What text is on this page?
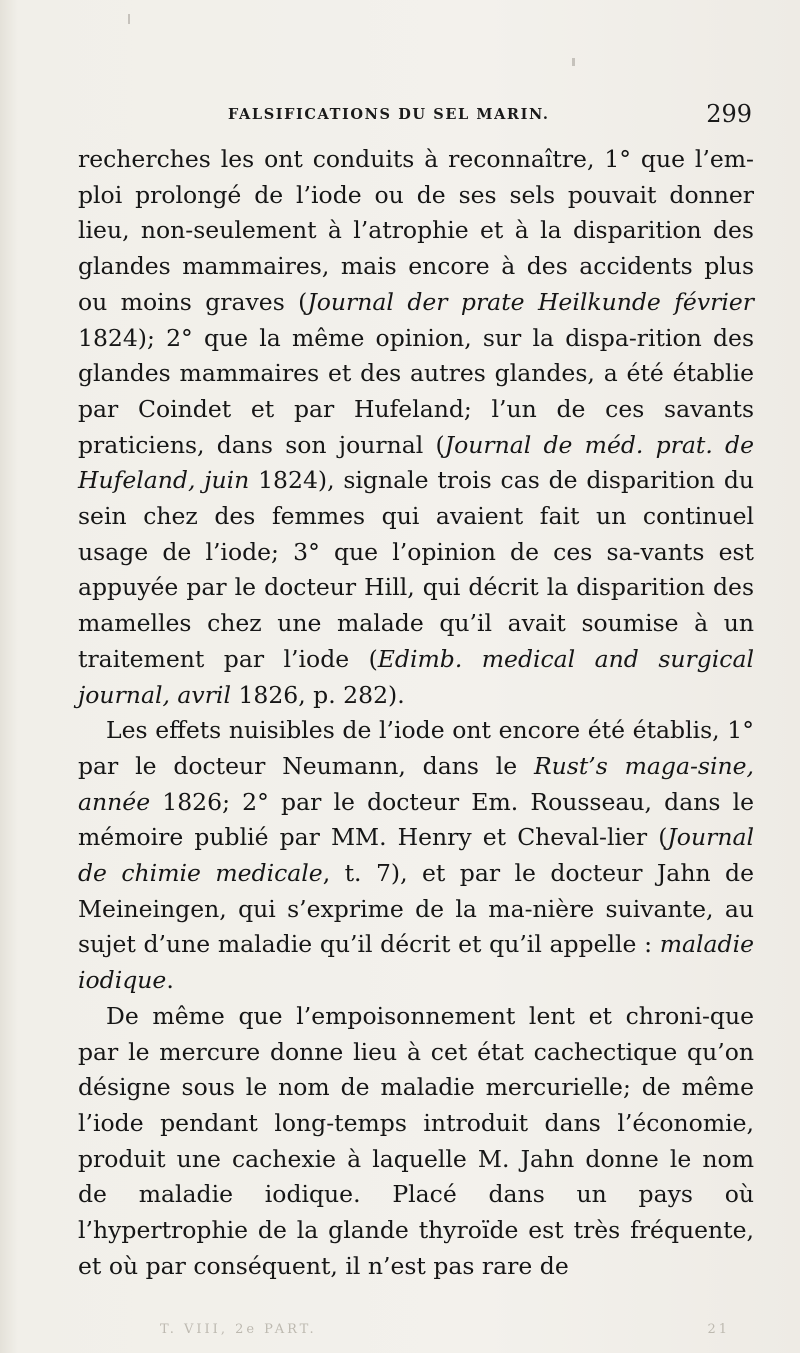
FALSIFICATIONS DU SEL MARIN.	299

recherches les ont conduits à reconnaître, 1° que l’em-ploi prolongé de l’iode ou de ses sels pouvait donner lieu, non-seulement à l’atrophie et à la disparition des glandes mammaires, mais encore à des accidents plus ou moins graves (Journal der prate Heilkunde février 1824); 2° que la même opinion, sur la dispa-rition des glandes mammaires et des autres glandes, a été établie par Coindet et par Hufeland; l’un de ces savants praticiens, dans son journal (Journal de méd. prat. de Hufeland, juin 1824), signale trois cas de disparition du sein chez des femmes qui avaient fait un continuel usage de l’iode; 3° que l’opinion de ces sa-vants est appuyée par le docteur Hill, qui décrit la disparition des mamelles chez une malade qu’il avait soumise à un traitement par l’iode (Edimb. medical and surgical journal, avril 1826, p. 282).

Les effets nuisibles de l’iode ont encore été établis, 1° par le docteur Neumann, dans le Rust’s maga-sine, année 1826; 2° par le docteur Em. Rousseau, dans le mémoire publié par MM. Henry et Cheval-lier (Journal de chimie medicale, t. 7), et par le docteur Jahn de Meineingen, qui s’exprime de la ma-nière suivante, au sujet d’une maladie qu’il décrit et qu’il appelle : maladie iodique.

De même que l’empoisonnement lent et chroni-que par le mercure donne lieu à cet état cachectique qu’on désigne sous le nom de maladie mercurielle; de même l’iode pendant long-temps introduit dans l’économie, produit une cachexie à laquelle M. Jahn donne le nom de maladie iodique. Placé dans un pays où l’hypertrophie de la glande thyroïde est très fréquente, et où par conséquent, il n’est pas rare de

T. VIII, 2e PART.	21
